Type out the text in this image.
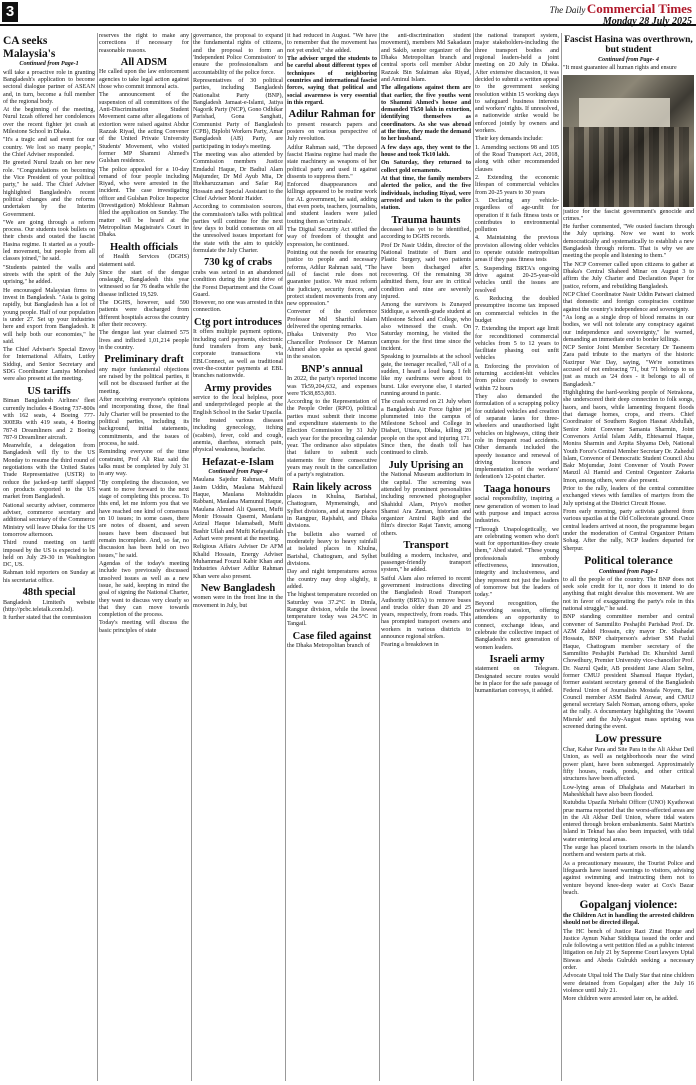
3	The Daily Commercial Times
Monday 28 July 2025
CA seeks Malaysia's
Continued from Page-1

will take a proactive role in granting Bangladesh's application to become sectoral dialogue partner of ASEAN and, in turn, become a full member of the regional body.

At the beginning of the meeting, Nurul Izzah offered her condolences over the recent fighter jet crash at Milestone School in Dhaka.

"It's a tragic and sad event for our country. We lost so many people," the Chief Adviser responded.

He greeted Nurul Izzah on her new role. "Congratulations on becoming the Vice President of your political party," he said. The Chief Adviser highlighted Bangladesh's recent political changes and the reforms undertaken by the Interim Government.

"We are going through a reform process. Our students took bullets on their chests and ousted the fascist Hasina regime. It started as a youth-led movement, but people from all classes joined," he said.

"Students painted the walls and streets with the spirit of the July uprising," he added.

He encouraged Malaysian firms to invest in Bangladesh. "Asia is going rapidly, but Bangladesh has a lot of young people. Half of our population is under 27. Set up your industries here and export from Bangladesh. It will help both our economies," he said.

The Chief Adviser's Special Envoy for International Affairs, Lutfey Siddiqi, and Senior Secretary and SDG Coordinator Lamiya Morshed were also present at the meeting.

US tariffs

Biman Bangladesh Airlines' fleet currently includes 4 Boeing 737-800s with 162 seats, 4 Boeing 777-300ERs with 419 seats, 4 Boeing 787-8 Dreamliners and 2 Boeing 787-9 Dreamliner aircraft.

Meanwhile, a delegation from Bangladesh will fly to the US Monday to resume the third round of negotiations with the United States Trade Representative (USTR) to reduce the jacked-up tariff slapped on products exported to the US market from Bangladesh.

National security adviser, commerce adviser, commerce secretary and additional secretary of the Commerce Ministry will leave Dhaka for the US tomorrow afternoon.

Third round meeting on tariff imposed by the US is expected to be held on July 29-30 in Washington DC, US.

Rahman told reporters on Sunday at his secretariat office.

48th special

Bangladesh Limited's website (http://pcbc.teletalk.com.bd).

It further stated that the commission

reserves the right to make any corrections if necessary for reasonable reasons.

All ADSM

He called upon the law enforcement agencies to take legal action against those who commit immoral acts.

The announcement of the suspension of all committees of the Anti-Discrimination Student Movement came after allegations of extortion were raised against Abdur Razzak Riyad, the acting Convener of the United Private University Students' Movement, who visited former MP Shammi Ahmed's Gulshan residence.

The police appealed for a 10-day remand of four people including Riyad, who were arrested in the incident. The case investigating officer and Gulshan Police Inspector (Investigation) Mokhlesur Rahman filed the application on Sunday. The matter will be heard at the Metropolitan Magistrate's Court in Dhaka.

Health officials

of Health Services (DGHS) statement said.

Since the start of the dengue onslaught, Bangladesh this year witnessed so far 76 deaths while the disease inflicted 19,529.

The DGHS, however, said 590 patients were discharged from different hospitals across the country after their recovery.

The dengue last year claimed 575 lives and inflicted 1,01,214 people in the country.

Preliminary draft

any major fundamental objections are raised by the political parties, it will not be discussed further at the meeting.

After receiving everyone's opinions and incorporating those, the final July Charter will be presented to the political parties, including its background, initial statements, commitments, and the issues of process, he said.

Reminding everyone of the time constraint, Prof Ali Riaz said the talks must be completed by July 31 in any way.

"By completing the discussion, we want to move forward to the next stage of completing this process. To this end, let me inform you that we have reached one kind of consensus on 10 issues; in some cases, there are notes of dissent, and seven issues have been discussed but remain incomplete. And, so far, no discussion has been held on two issues," he said.

Agendas of the today's meeting include two previously discussed unsolved issues as well as a new issue, he said, keeping in mind the goal of signing the National Charter, they want to discuss very clearly so that they can move towards completion of the process.

Today's meeting will discuss the basic principles of state

governance, the proposal to expand the fundamental rights of citizens, and the proposal to form an 'Independent Police Commission' to ensure the professionalism and accountability of the police force.

Representatives of 30 political parties, including Bangladesh Nationalist Party (BNP), Bangladesh Jamaat-e-Islami, Jatiya Nagorik Party (NCP), Gono Odhikar Parishad, Gona Sanghati, Communist Party of Bangladesh (CPB), Biplobi Workers Party, Amar Bangladesh (AB) Party, are participating in today's meeting.

The meeting was also attended by Commission members Justice Emdadul Haque, Dr Badiul Alam Majumder, Dr Md Ayub Mia, Dr Iftekharuzzaman and Safar Raj Hossain and Special Assistant to the Chief Adviser Monir Haider.

According to commission sources, the commission's talks with political parties will continue for the next few days to build consensus on all the unresolved issues important for the state with the aim to quickly formulate the July Charter.

730 kg of crabs

crabs was seized in an abandoned condition during the joint drive of the Forest Department and the Coast Guard.

However, no one was arrested in this connection.

Ctg port introduces

It offers multiple payment options, including card payments, electronic fund transfers from any bank, corporate transactions via EBLConnect, as well as traditional over-the-counter payments at EBL branches nationwide.

Army provides

service to the local helpless, poor and underprivileged people at the English School in the Sadar Upazila.

He treated various diseases including gynecology, itching (scabies), fever, cold and cough, anemia, diarrhea, stomach pain, physical weakness, headache.

Hefazat-e-Islam
Continued from Page-4

Maulana Sajedur Rahman, Mufti Jasim Uddin, Maulana Mahfuzul Haque, Maulana Mohiuddin Rabbani, Maulana Mamunul Haque, Maulana Ahmed Ali Qasemi, Mufti Monir Hossain Qasemi, Maulana Azizul Haque Islamabadi, Mufti Bashir Ullah and Mufti Kefayatullah Azhari were present at the meeting.

Religious Affairs Adviser Dr AFM Khalid Hossain, Energy Adviser Muhammad Fouzul Kabir Khan and Industries Adviser Adilur Rahman Khan were also present.

New Bangladesh

women were in the front line in the movement in July, but

it had reduced in August. "We have to remember that the movement has not yet ended," she added.

The adviser urged the students to be careful about different types of techniques of neighboring countries and international fascist forces, saying that political and social awareness is very essential in this regard.

Adilur Rahman for

to present research papers and posters on various perspective of July revolution.

Adilur Rahman said, "The deposed fascist Hasina regime had made the state machinery as weapons of her political party and used it against dissents to suppress them."

Enforced disappearances and killings appeared to be routine work for AL government, he said, adding that even poets, teachers, journalists, and student leaders were jailed touting them as 'criminals'.

The Digital Security Act stifled the way of freedom of thought and expression, he continued.

Pointing out the needs for ensuring justice to people and necessary reforms, Adilur Rahman said, "The fall of fascist rule does not guarantee justice. We must reform the judiciary, security forces, and protect student movements from any new oppression."

Convener of the conference Professor Md Shariful Islam delivered the opening remarks.

Dhaka University Pro Vice Chancellor Professor Dr Mamun Ahmed also spoke as special guest in the session.

BNP's annual

In 2022, the party's reported income was Tk59,204,632, and expenses were Tk38,853,803.

According to the Representation of the People Order (RPO), political parties must submit their income and expenditure statements to the Election Commission by 31 July each year for the preceding calendar year. The ordinance also stipulates that failure to submit such statements for three consecutive years may result in the cancellation of a party's registration.

Rain likely across

places in Khulna, Barishal, Chattogram, Mymensingh, and Sylhet divisions, and at many places in Rangpur, Rajshahi, and Dhaka divisions.

The bulletin also warned of moderately heavy to heavy rainfall at isolated places in Khulna, Barishal, Chattogram, and Sylhet divisions.

Day and night temperatures across the country may drop slightly, it added.

The highest temperature recorded on Saturday was 37.2°C in Dimla, Rangpur division, while the lowest temperature today was 24.5°C in Tangail.

Case filed against

the Dhaka Metropolitan branch of

the anti-discrimination student movement), members Md Sakadaun and Sakib, senior organizer of the Dhaka Metropolitan branch and central sports cell member Abdur Razzak Bin Sulaiman aka Riyad, and Aminul Islam.

The allegations against them are that earlier, the five youths went to Shammi Ahmed's house and demanded Tk50 lakh in extortion, identifying themselves as coordinators. As she was abroad at the time, they made the demand to her husband.

A few days ago, they went to the house and took Tk10 lakh.

On Saturday, they returned to collect gold ornaments.

At that time, the family members alerted the police, and the five individuals, including Riyad, were arrested and taken to the police station.

Trauma haunts

deceased has yet to be identified, according to DGHS records.

Prof Dr Nasir Uddin, director of the National Institute of Burn and Plastic Surgery, said two patients have been discharged after recovering. Of the remaining 38 admitted them, four are in critical condition and nine are severely injured.

Among the survivors is Zunayed Siddique, a seventh-grade student at Milestone School and College, who also witnessed the crash. On Saturday morning, he visited the campus for the first time since the incident.

Speaking to journalists at the school gate, the teenager recalled, "All of a sudden, I heard a loud bang. I felt like my eardrums were about to burst. Like everyone else, I started running around in panic.

The crash occurred on 21 July when a Bangladesh Air Force fighter jet plummeted into the campus of Milestone School and College in Diabari, Uttara, Dhaka, killing 20 people on the spot and injuring 171. Since then, the death toll has continued to climb.

July Uprising an

the National Museum auditorium in the capital. The screening was attended by prominent personalities including renowned photographer Shahidul Alam, Priyo's mother Shamsi Ara Zaman, historian and organizer Amirul Rajib and the film's director Rajat Tanvir, among others.

Transport

building a modern, inclusive, and passenger-friendly transport system," he added.

Saiful Alam also referred to recent government instructions directing the Bangladesh Road Transport Authority (BRTA) to remove buses and trucks older than 20 and 25 years, respectively, from roads. This has prompted transport owners and workers in various districts to announce regional strikes.

Fearing a breakdown in

the national transport system, major stakeholders-including the three transport bodies and regional leaders-held a joint meeting on 20 July in Dhaka. After extensive discussion, it was decided to submit a written appeal to the government seeking resolution within 15 working days to safeguard business interests and workers' rights. If unresolved, a nationwide strike would be enforced jointly by owners and workers.

Their key demands include:

1. Amending sections 98 and 105 of the Road Transport Act, 2018, along with other recommended clauses

2. Extending the economic lifespan of commercial vehicles from 20-25 years to 30 years

3. Declaring any vehicle-regardless of age-unfit for operation if it fails fitness tests or contributes to environmental pollution

4. Maintaining the previous provision allowing older vehicles to operate outside metropolitan areas if they pass fitness tests

5. Suspending BRTA's ongoing drive against 20-25-year-old vehicles until the issues are resolved

6. Reducing the doubled presumptive income tax imposed on commercial vehicles in the budget

7. Extending the import age limit for reconditioned commercial vehicles from 5 to 12 years to facilitate phasing out unfit vehicles

8. Enforcing the provision of returning accident-hit vehicles from police custody to owners within 72 hours

They also demanded the formulation of a scrapping policy for outdated vehicles and creation of separate lanes for three-wheelers and unauthorised light vehicles on highways, citing their role in frequent road accidents. Other demands included the speedy issuance and renewal of driving licences and implementation of the workers' federation's 12-point charter.

Taaga honours

social responsibility, inspiring a new generation of women to lead with purpose and impact across industries.

"Through Unapologetically, we are celebrating women who don't wait for opportunities-they create them," Abed stated. "These young professionals embody effectiveness, innovation, integrity and inclusiveness, and they represent not just the leaders of tomorrow but the leaders of today."

Beyond recognition, the networking session, offering attendees an opportunity to connect, exchange ideas, and celebrate the collective impact of Bangladesh's next generation of women leaders.

Israeli army

statement on Telegram. Designated secure routes would be in place for the safe passage of humanitarian convoys, it added.

Fascist Hasina was overthrown, but student
Continued from Page- 4

"It must guarantee all human rights and ensure

justice for the fascist government's genocide and crimes."

He further commented, "We ousted fascism through the July uprising. Now we want to work democratically and systematically to establish a new Bangladesh through reform. That is why we are meeting the people and listening to them."

The NCP Convener called upon citizens to gather at Dhaka's Central Shaheed Minar on August 3 to affirm the July Charter and Declaration Paper for justice, reform, and rebuilding Bangladesh.

NCP Chief Coordinator Nasir Uddin Patwari claimed that domestic and foreign conspiracies continue against the country's independence and sovereignty.

"As long as a single drop of blood remains in our bodies, we will not tolerate any conspiracy against our independence and sovereignty," he warned, demanding an immediate end to border killings.

NCP Senior Joint Member Secretary Dr Tasneem Zara paid tribute to the martyrs of the historic Nazirpur War Day, saying, "We're sometimes accused of not embracing '71, but '71 belongs to us just as much as '24 does - it belongs to all of Bangladesh."

Highlighting the hard-working people of Netrakona, she underscored their deep connection to folk songs, haors, and baors, while lamenting frequent floods that damage homes, crops, and rivers. Chief Coordinator of Southern Region Hasnat Abdullah, Senior Joint Convener Samanta Sharmin, Joint Convenors Arifal Islam Adib, Ehtesamul Haque, Monira Sharmin and Arpita Shyama Deb, National Youth Force's Central Member Secretary Dr. Zahedul Islam, Convenor of Democratic Student Council Abu Bakr Mojumdar, Joint Convener of Youth Power Manzil Al Hamid and Central Organizer Zakaria Imon, among others, were also present.

Prior to the rally, leaders of the central committee exchanged views with families of martyrs from the July uprising at the District Circuit House.

From early morning, party activists gathered from various upazilas at the Old Collectorate ground. Once central leaders arrived at noon, the programme began under the moderation of Central Organizer Pritam Sohag. After the rally, NCP leaders departed for Sherpur.

Political tolerance
Continued from Page-1

to all the people of the country. The BNP does not seek sole credit for it, nor does it intend to do anything that might devalue this movement. We are not in favor of exaggerating the party's role in this national struggle," he said.

BNP standing committee member and central convener of Sammilito Peshajibi Parishad Prof. Dr. AZM Zahid Hossain, city mayor Dr. Shahadat Hossain, BNP chairperson's adviser SM Fazlul Haque, Chattogram member secretary of the Sammilito Peshajibi Parishad Dr. Khurshid Jamil Chowdhury, Premier University vice-chancellor Prof. Dr. Nazrul Qadir, AB president Jane Alam Selim, former CMUJ president Shamsul Haque Hydari, former assistant secretary general of the Bangladesh Federal Union of Journalists Mostafa Noyem, Bar Council member ASM Badrul Anwar, and CMUJ general secretary Saleh Noman, among others, spoke at the rally. A documentary highlighting the 'Awami Misrule' and the July-August mass uprising was screened during the event.

Low pressure

Char, Kahar Para and Site Para in the Ali Akbar Deil Union, as well as neighborhoods near the wind power plant, have been submerged. Approximately fifty houses, roads, ponds, and other critical structures have been affected.

Low-lying areas of Dhalghata and Matarbari in Maheshkhali have also been flooded.

Kutubdia Upazila Nirbahi Officer (UNO) Kyathowai prue marma reported that the worst-affected areas are in the Ali Akbar Deil Union, where tidal waters entered through broken embankments. Saint Martin's Island in Teknaf has also been impacted, with tidal water entering local areas.

The surge has placed tourism resorts in the island's northern and western parts at risk.

As a precautionary measure, the Tourist Police and lifeguards have issued warnings to visitors, advising against swimming and instructing them not to venture beyond knee-deep water at Cox's Bazar beach.

Gopalganj violence:

the Children Act in handling the arrested children should not be directed illegal.

The HC bench of Justice Razi Zinat Hoque and Justice Aynun Nahar Siddiqua issued the order and rule following a writ petition filed as a public interest litigation on July 21 by Supreme Court lawyers Uptal Biswas and Abeda Gulrukh seeking a necessary order.

Advocate Utpal told The Daily Star that nine children were detained from Gopalganj after the July 16 violence until July 21.

More children were arrested later on, he added.
